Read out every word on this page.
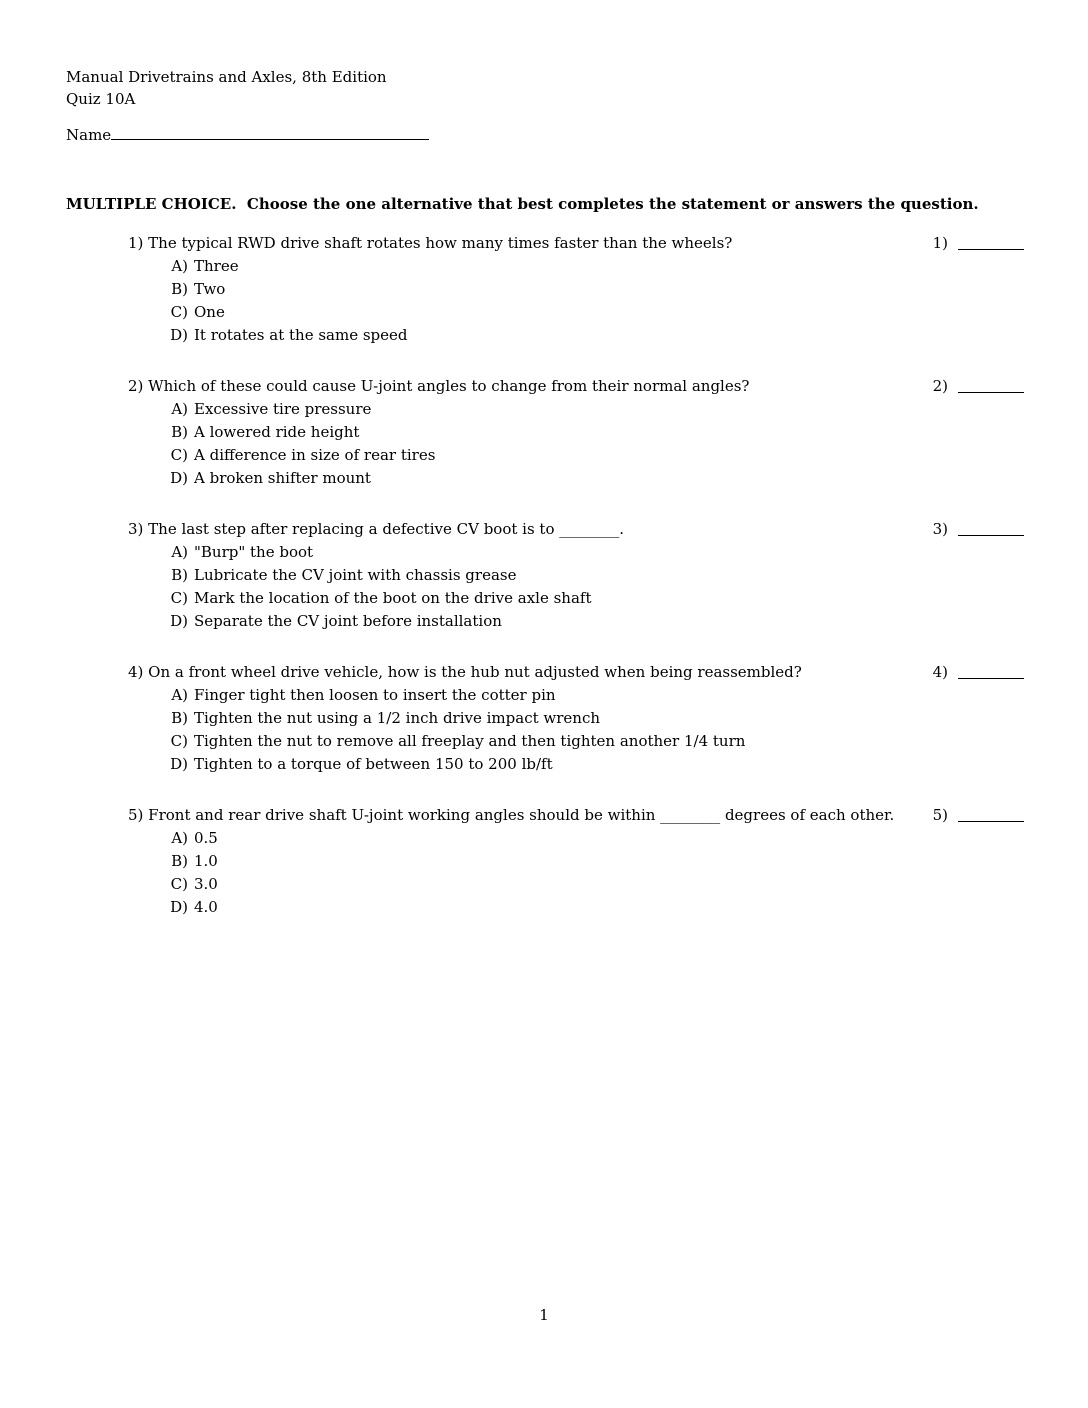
Manual Drivetrains and Axles, 8th Edition
Quiz 10A
Name
MULTIPLE CHOICE.  Choose the one alternative that best completes the statement or answers the question.

1) The typical RWD drive shaft rotates how many times faster than the wheels?

A) Three

B) Two

C) One

D) It rotates at the same speed

1)

2) Which of these could cause U-joint angles to change from their normal angles?

A) Excessive tire pressure

B) A lowered ride height

C) A difference in size of rear tires

D) A broken shifter mount

2)

3) The last step after replacing a defective CV boot is to ________.

A) "Burp" the boot

B) Lubricate the CV joint with chassis grease

C) Mark the location of the boot on the drive axle shaft

D) Separate the CV joint before installation

3)

4) On a front wheel drive vehicle, how is the hub nut adjusted when being reassembled?

A) Finger tight then loosen to insert the cotter pin

B) Tighten the nut using a 1/2 inch drive impact wrench

C) Tighten the nut to remove all freeplay and then tighten another 1/4 turn

D) Tighten to a torque of between 150 to 200 lb/ft

4)

5) Front and rear drive shaft U-joint working angles should be within ________ degrees of each other.

A) 0.5

B) 1.0

C) 3.0

D) 4.0

5)
1
